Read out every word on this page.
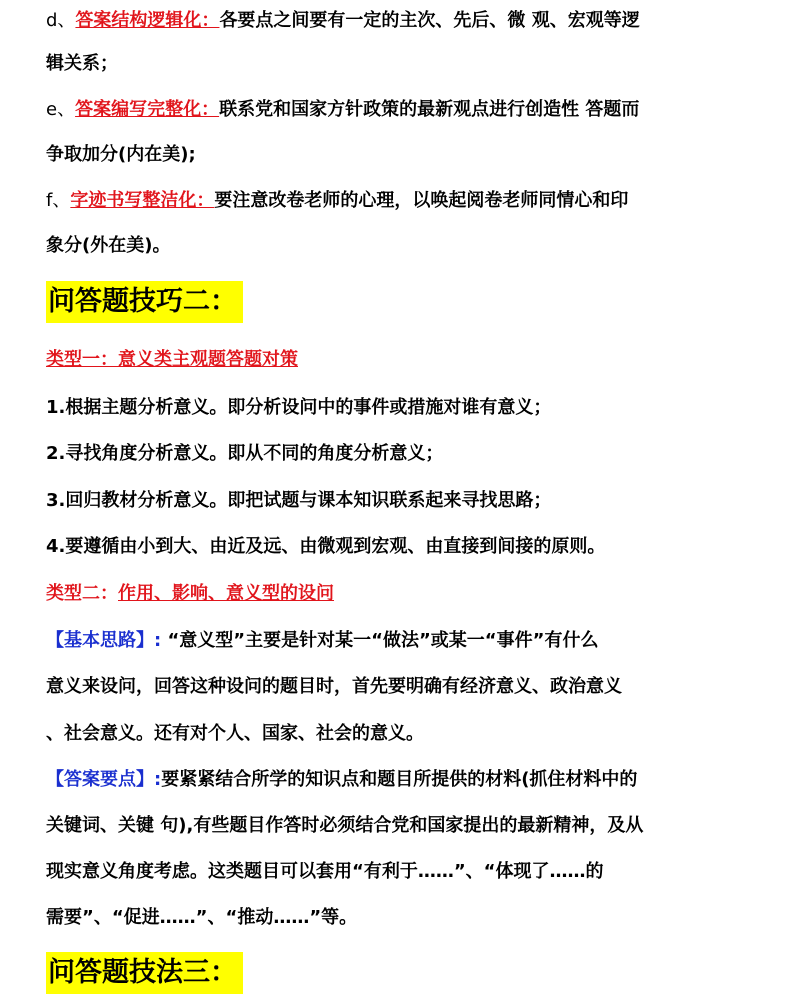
d、答案结构逻辑化：各要点之间要有一定的主次、先后、微 观、宏观等逻
辑关系；
e、答案编写完整化：联系党和国家方针政策的最新观点进行创造性 答题而
争取加分(内在美);
f、字迹书写整洁化：要注意改卷老师的心理，以唤起阅卷老师同情心和印
象分(外在美)。
问答题技巧二：
类型一：意义类主观题答题对策
1.根据主题分析意义。即分析设问中的事件或措施对谁有意义；
2.寻找角度分析意义。即从不同的角度分析意义；
3.回归教材分析意义。即把试题与课本知识联系起来寻找思路；
4.要遵循由小到大、由近及远、由微观到宏观、由直接到间接的原则。
类型二：作用、影响、意义型的设问
【基本思路】: “意义型”主要是针对某一“做法”或某一“事件”有什么
意义来设问，回答这种设问的题目时，首先要明确有经济意义、政治意义
、社会意义。还有对个人、国家、社会的意义。
【答案要点】:要紧紧结合所学的知识点和题目所提供的材料(抓住材料中的
关键词、关键 句),有些题目作答时必须结合党和国家提出的最新精神，及从
现实意义角度考虑。这类题目可以套用“有利于……”、“体现了……的
需要”、“促进……”、“推动……”等。
问答题技法三：
